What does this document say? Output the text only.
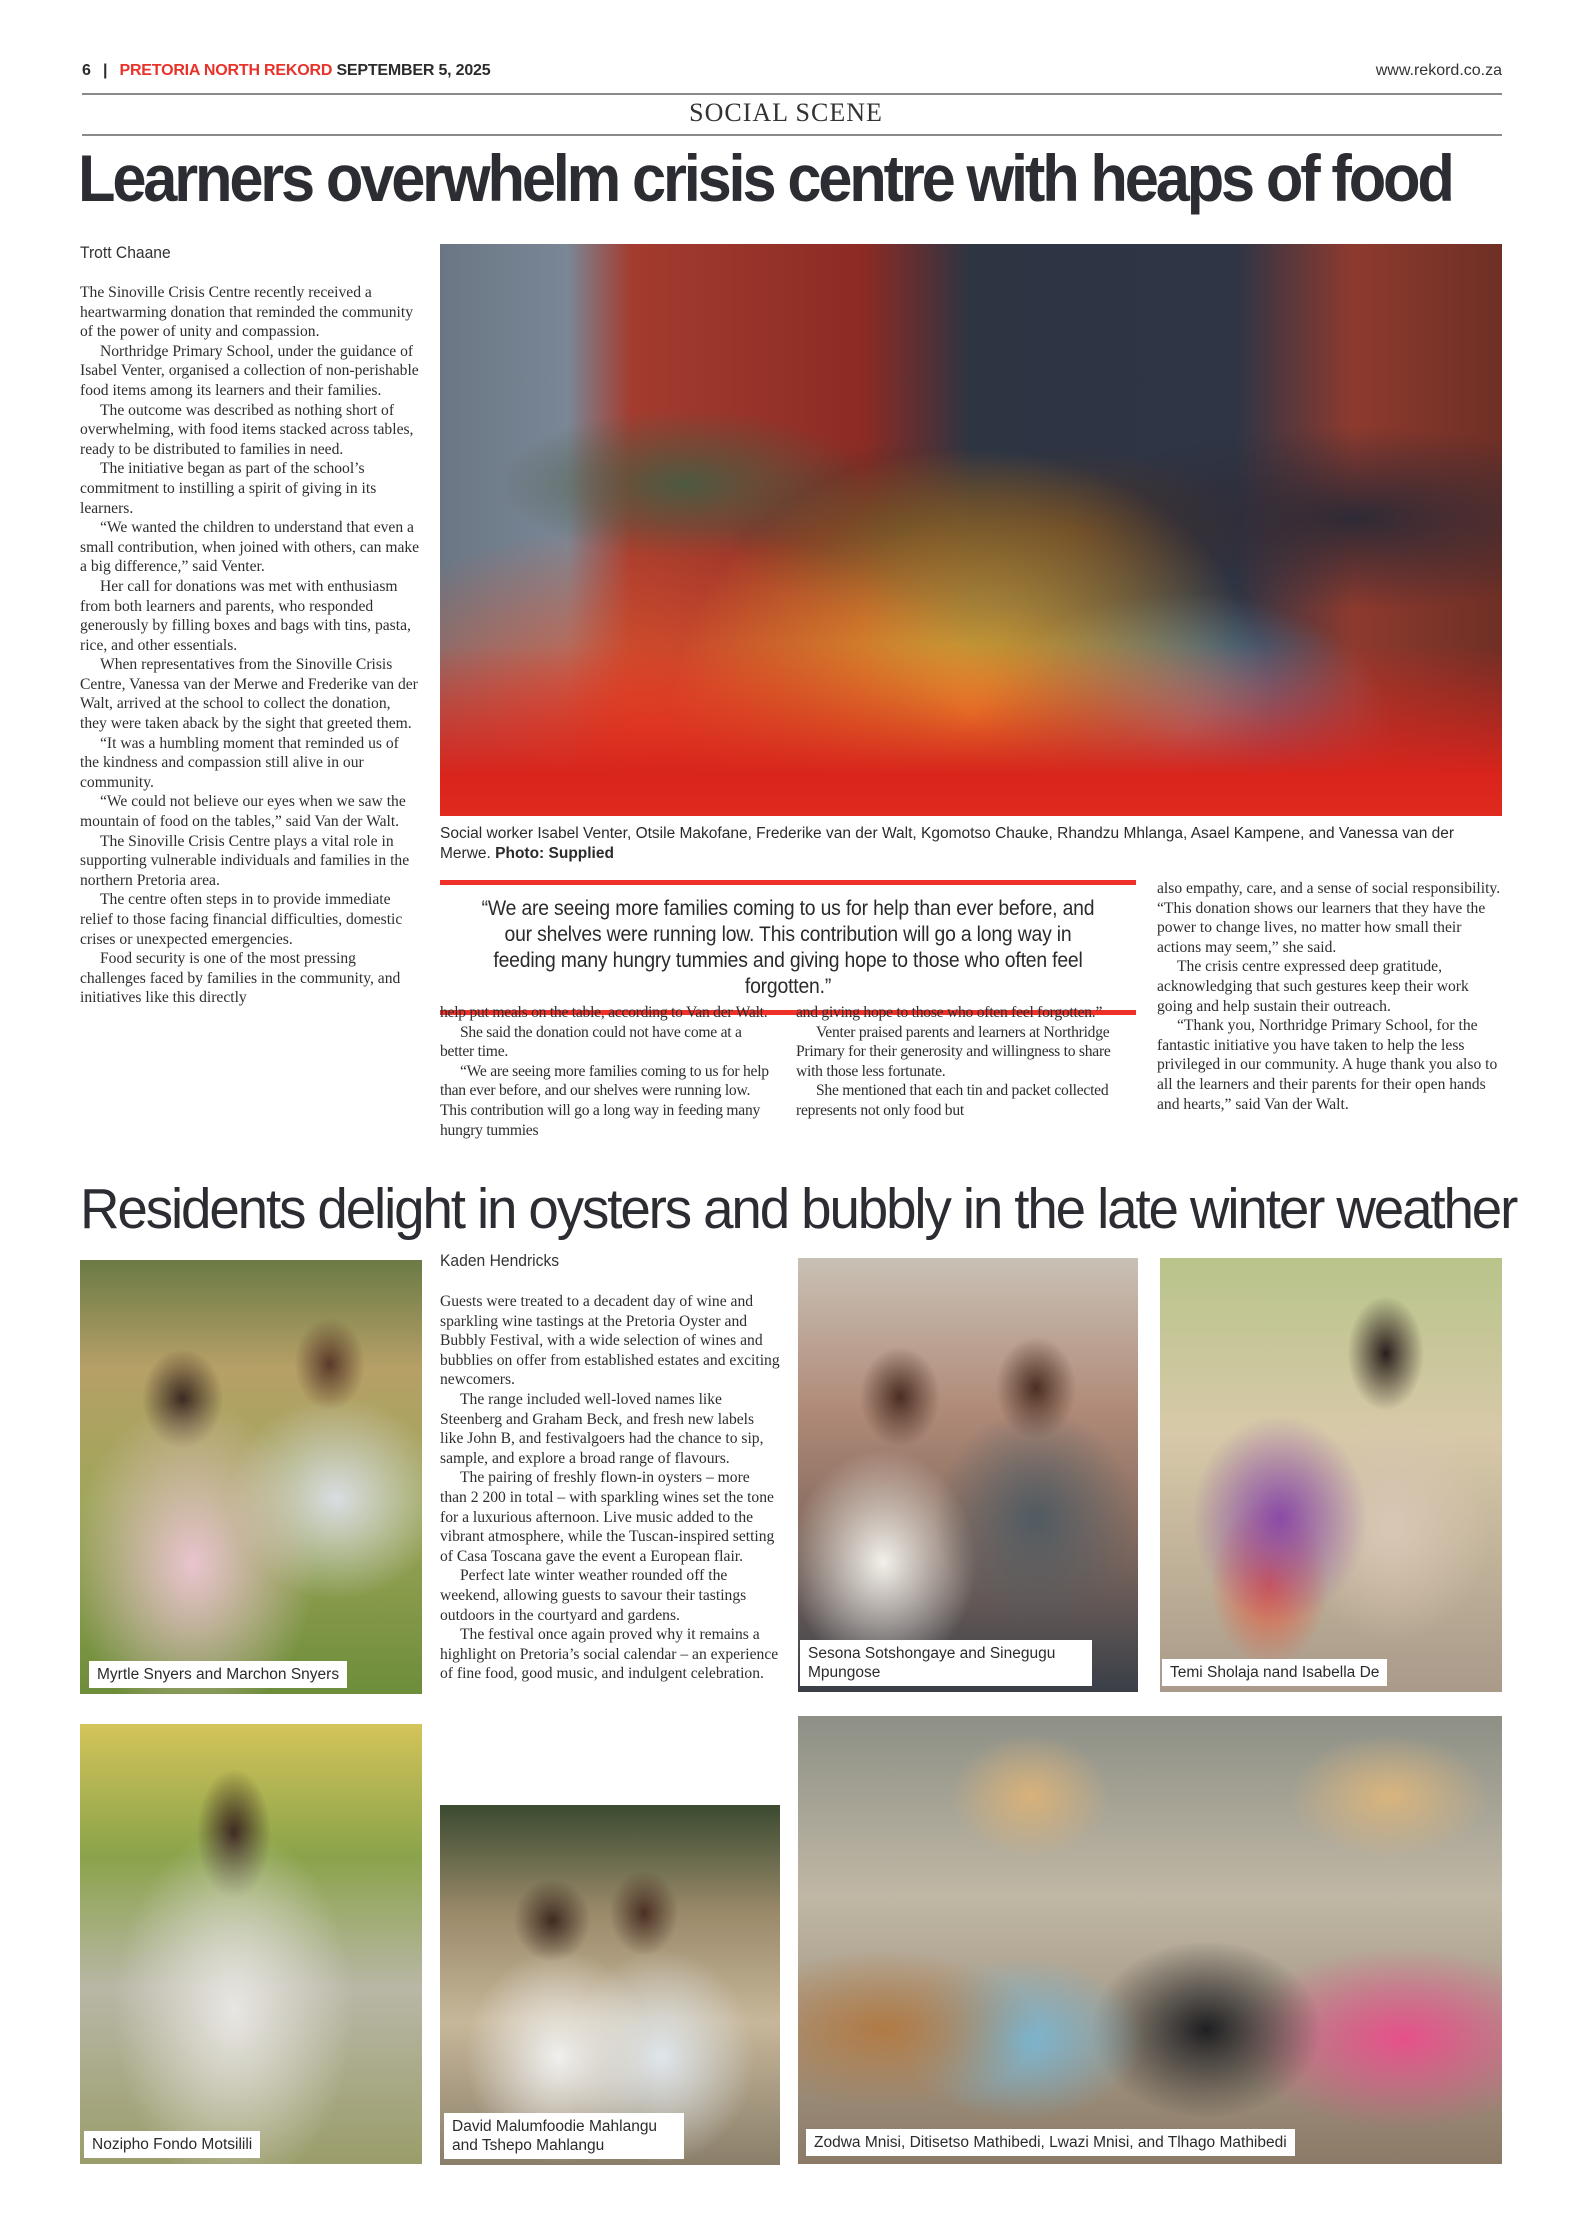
6 | PRETORIA NORTH REKORD SEPTEMBER 5, 2025	www.rekord.co.za
SOCIAL SCENE
Learners overwhelm crisis centre with heaps of food
Trott Chaane

The Sinoville Crisis Centre recently received a heartwarming donation that reminded the community of the power of unity and compassion.

Northridge Primary School, under the guidance of Isabel Venter, organised a collection of non-perishable food items among its learners and their families.

The outcome was described as nothing short of overwhelming, with food items stacked across tables, ready to be distributed to families in need.

The initiative began as part of the school’s commitment to instilling a spirit of giving in its learners.

“We wanted the children to understand that even a small contribution, when joined with others, can make a big difference,” said Venter.

Her call for donations was met with enthusiasm from both learners and parents, who responded generously by filling boxes and bags with tins, pasta, rice, and other essentials.

When representatives from the Sinoville Crisis Centre, Vanessa van der Merwe and Frederike van der Walt, arrived at the school to collect the donation, they were taken aback by the sight that greeted them.

“It was a humbling moment that reminded us of the kindness and compassion still alive in our community.

“We could not believe our eyes when we saw the mountain of food on the tables,” said Van der Walt.

The Sinoville Crisis Centre plays a vital role in supporting vulnerable individuals and families in the northern Pretoria area.

The centre often steps in to provide immediate relief to those facing financial difficulties, domestic crises or unexpected emergencies.

Food security is one of the most pressing challenges faced by families in the community, and initiatives like this directly

Social worker Isabel Venter, Otsile Makofane, Frederike van der Walt, Kgomotso Chauke, Rhandzu Mhlanga, Asael Kampene, and Vanessa van der Merwe. Photo: Supplied
“We are seeing more families coming to us for help than ever before, and our shelves were running low. This contribution will go a long way in feeding many hungry tummies and giving hope to those who often feel forgotten.”

help put meals on the table, according to Van der Walt.

She said the donation could not have come at a better time.

“We are seeing more families coming to us for help than ever before, and our shelves were running low. This contribution will go a long way in feeding many hungry tummies

and giving hope to those who often feel forgotten.”

Venter praised parents and learners at Northridge Primary for their generosity and willingness to share with those less fortunate.

She mentioned that each tin and packet collected represents not only food but

also empathy, care, and a sense of social responsibility. “This donation shows our learners that they have the power to change lives, no matter how small their actions may seem,” she said.

The crisis centre expressed deep gratitude, acknowledging that such gestures keep their work going and help sustain their outreach.

“Thank you, Northridge Primary School, for the fantastic initiative you have taken to help the less privileged in our community. A huge thank you also to all the learners and their parents for their open hands and hearts,” said Van der Walt.

Residents delight in oysters and bubbly in the late winter weather
Kaden Hendricks

Guests were treated to a decadent day of wine and sparkling wine tastings at the Pretoria Oyster and Bubbly Festival, with a wide selection of wines and bubblies on offer from established estates and exciting newcomers.

The range included well-loved names like Steenberg and Graham Beck, and fresh new labels like John B, and festivalgoers had the chance to sip, sample, and explore a broad range of flavours.

The pairing of freshly flown-in oysters – more than 2 200 in total – with sparkling wines set the tone for a luxurious afternoon. Live music added to the vibrant atmosphere, while the Tuscan-inspired setting of Casa Toscana gave the event a European flair.

Perfect late winter weather rounded off the weekend, allowing guests to savour their tastings outdoors in the courtyard and gardens.

The festival once again proved why it remains a highlight on Pretoria’s social calendar – an experience of fine food, good music, and indulgent celebration.

Myrtle Snyers and Marchon Snyers
Nozipho Fondo Motsilili
David Malumfoodie Mahlangu and Tshepo Mahlangu
Sesona Sotshongaye and Sinegugu Mpungose	Temi Sholaja nand Isabella De
Zodwa Mnisi, Ditisetso Mathibedi, Lwazi Mnisi, and Tlhago Mathibedi
